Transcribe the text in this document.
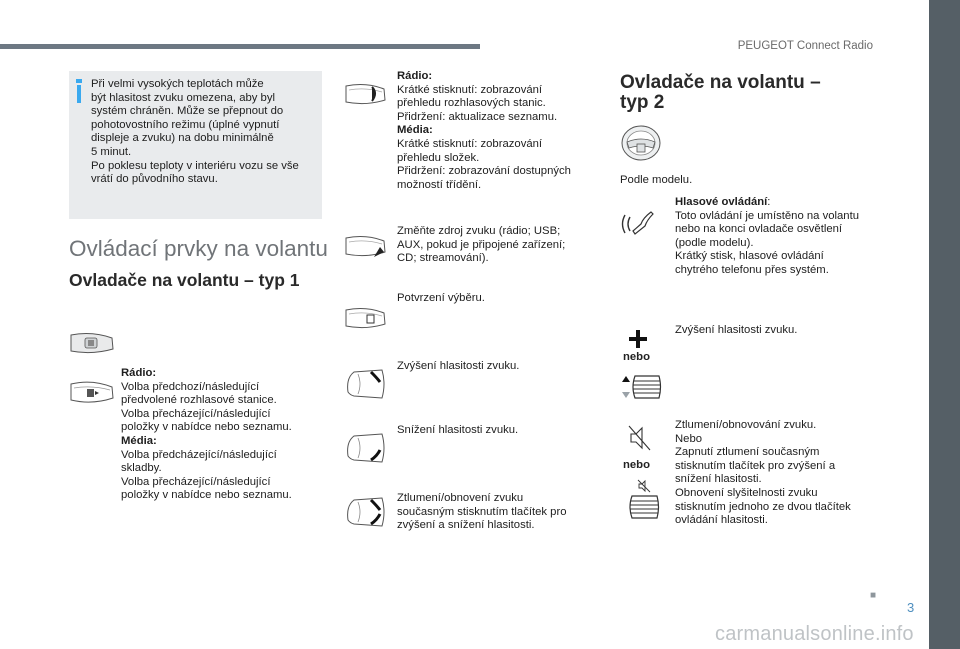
PEUGEOT Connect Radio
Při velmi vysokých teplotách může
být hlasitost zvuku omezena, aby byl
systém chráněn. Může se přepnout do
pohotovostního režimu (úplné vypnutí
displeje a zvuku) na dobu minimálně
5 minut.
Po poklesu teploty v interiéru vozu se vše
vrátí do původního stavu.
Ovládací prvky na volantu
Ovladače na volantu – typ 1
Rádio:
Volba předchozí/následující
předvolené rozhlasové stanice.
Volba přecházející/následující
položky v nabídce nebo seznamu.
Média:
Volba předcházející/následující
skladby.
Volba přecházející/následující
položky v nabídce nebo seznamu.
Rádio:
Krátké stisknutí: zobrazování
přehledu rozhlasových stanic.
Přidržení: aktualizace seznamu.
Média:
Krátké stisknutí: zobrazování
přehledu složek.
Přidržení: zobrazování dostupných
možností třídění.
Změňte zdroj zvuku (rádio; USB;
AUX, pokud je připojené zařízení;
CD; streamování).
Potvrzení výběru.
Zvýšení hlasitosti zvuku.
Snížení hlasitosti zvuku.
Ztlumení/obnovení zvuku
současným stisknutím tlačítek pro
zvýšení a snížení hlasitosti.
Ovladače na volantu –
typ 2
Podle modelu.
Hlasové ovládání:
Toto ovládání je umístěno na volantu
nebo na konci ovladače osvětlení
(podle modelu).
Krátký stisk, hlasové ovládání
chytrého telefonu přes systém.
nebo
Zvýšení hlasitosti zvuku.
nebo
Ztlumení/obnovování zvuku.
Nebo
Zapnutí ztlumení současným
stisknutím tlačítek pro zvýšení a
snížení hlasitosti.
Obnovení slyšitelnosti zvuku
stisknutím jednoho ze dvou tlačítek
ovládání hlasitosti.
■
3
carmanualsonline.info
